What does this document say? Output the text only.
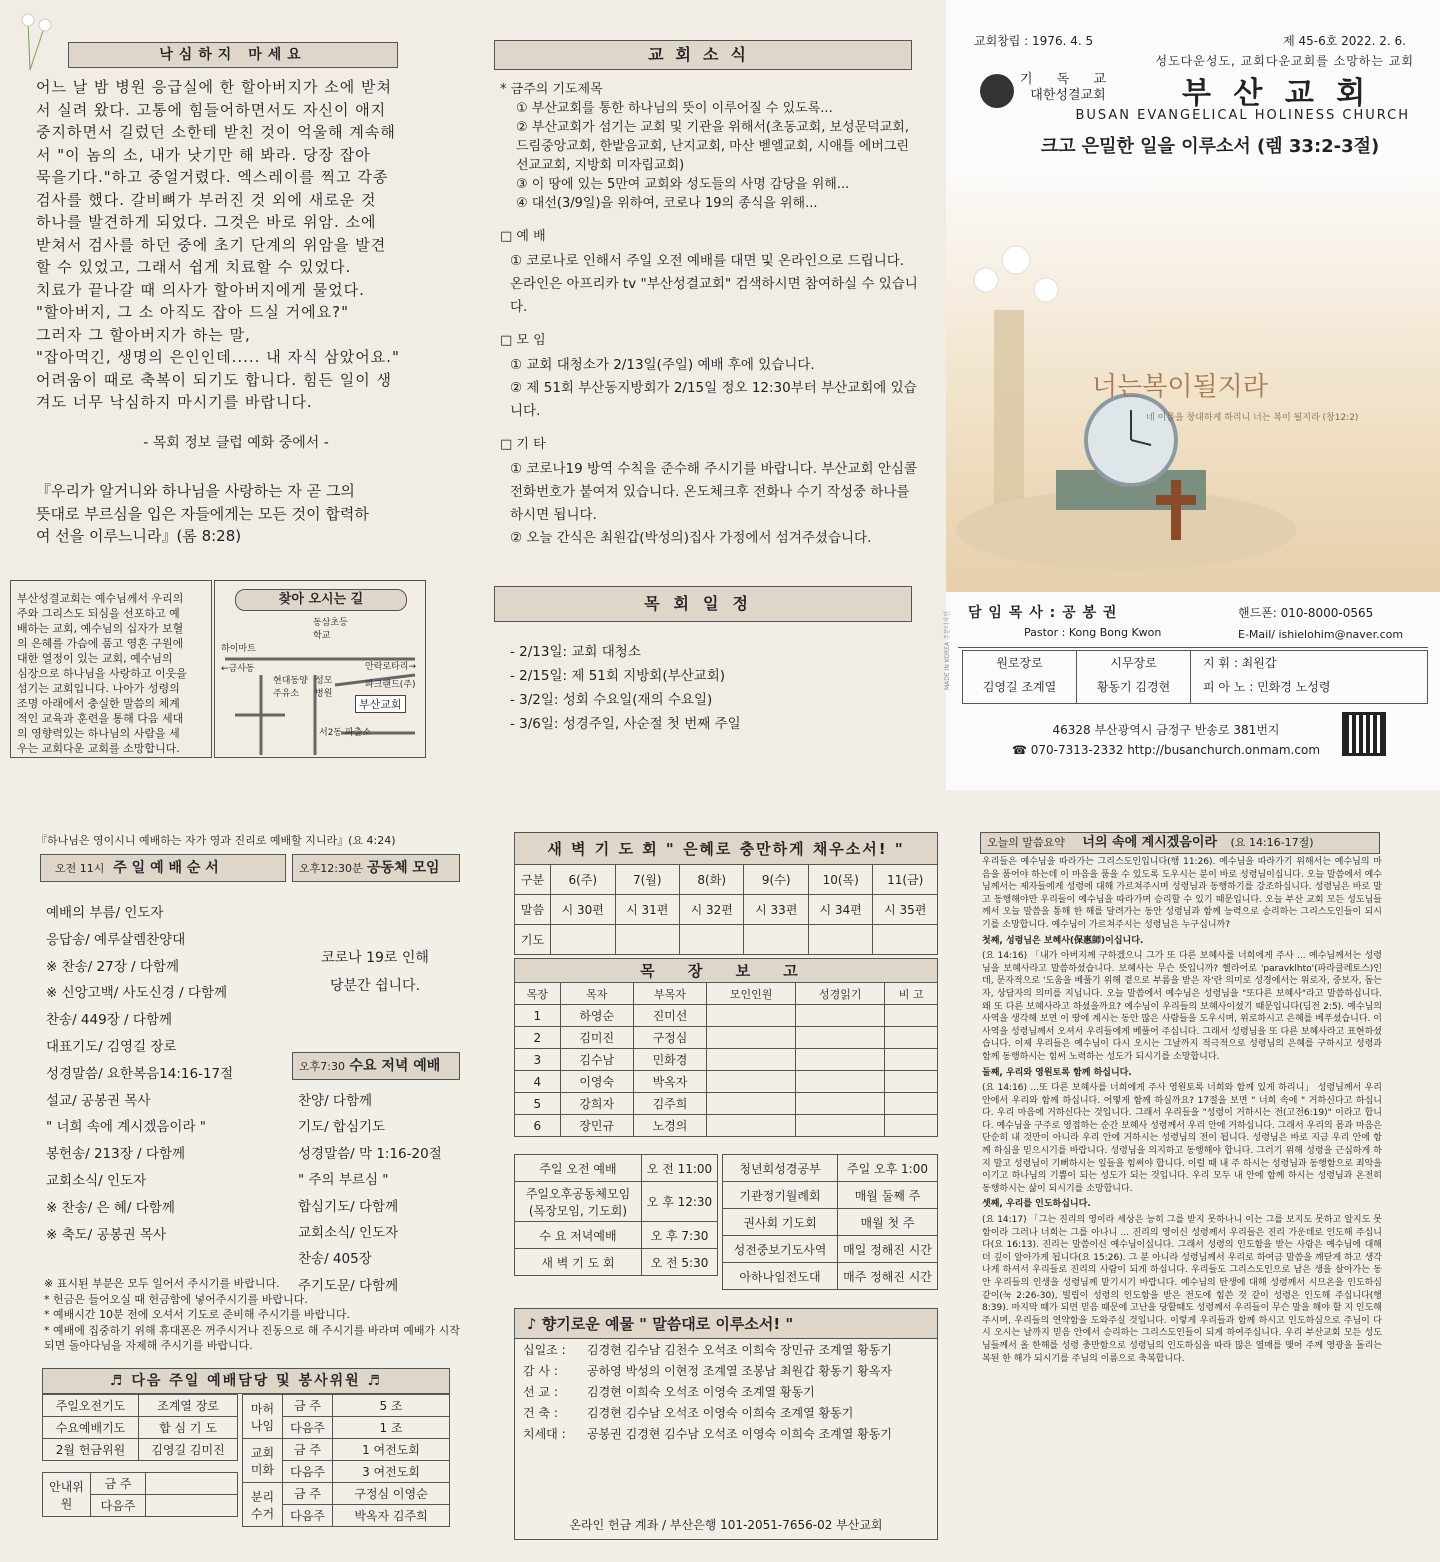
낙심하지 마세요
어느 날 밤 병원 응급실에 한 할아버지가 소에 받쳐
서 실려 왔다. 고통에 힘들어하면서도 자신이 애지
중지하면서 길렀던 소한테 받친 것이 억울해 계속해
서 "이 놈의 소, 내가 낫기만 해 봐라. 당장 잡아
묵을기다."하고 중얼거렸다. 엑스레이를 찍고 각종
검사를 했다. 갈비뼈가 부러진 것 외에 새로운 것
하나를 발견하게 되었다. 그것은 바로 위암. 소에
받쳐서 검사를 하던 중에 초기 단계의 위암을 발견
할 수 있었고, 그래서 쉽게 치료할 수 있었다.
치료가 끝나갈 때 의사가 할아버지에게 물었다.
"할아버지, 그 소 아직도 잡아 드실 거에요?"
그러자 그 할아버지가 하는 말,
"잡아먹긴, 생명의 은인인데..... 내 자식 삼았어요."
어려움이 때로 축복이 되기도 합니다. 힘든 일이 생
겨도 너무 낙심하지 마시기를 바랍니다.
- 목회 정보 클럽 예화 중에서 -
『우리가 알거니와 하나님을 사랑하는 자 곧 그의
뜻대로 부르심을 입은 자들에게는 모든 것이 합력하
여 선을 이루느니라』(롬 8:28)
부산성결교회는 예수님께서 우리의
주와 그리스도 되심을 선포하고 예
배하는 교회, 예수님의 십자가 보혈
의 은혜를 가슴에 품고 영혼 구원에
대한 열정이 있는 교회, 예수님의
심장으로 하나님을 사랑하고 이웃을
섬기는 교회입니다. 나아가 성령의
조명 아래에서 충실한 말씀의 체계
적인 교육과 훈련을 통해 다음 세대
의 영향력있는 하나님의 사람을 세
우는 교회다운 교회를 소망합니다.
찾아 오시는 길
하이마트
동삼초등학교
←금사동	안락로타리→
현대동양주유소
성모병원
파크랜드(주)
부산교회
서2동 파출소
교회소식
* 금주의 기도제목
① 부산교회를 통한 하나님의 뜻이 이루어질 수 있도록...
② 부산교회가 섬기는 교회 및 기관을 위해서(초동교회, 보성문덕교회, 드림중앙교회, 한밭음교회, 난지교회, 마산 벧엘교회, 시애틀 에버그린선교교회, 지방회 미자립교회)
③ 이 땅에 있는 5만여 교회와 성도들의 사명 감당을 위해...
④ 대선(3/9일)을 위하여, 코로나 19의 종식을 위해...
□ 예 배
① 코로나로 인해서 주일 오전 예배를 대면 및 온라인으로 드립니다. 온라인은 아프리카 tv "부산성결교회" 검색하시면 참여하실 수 있습니다.
□ 모 임
① 교회 대청소가 2/13일(주일) 예배 후에 있습니다.
② 제 51회 부산동지방회가 2/15일 정오 12:30부터 부산교회에 있습니다.
□ 기 타
① 코로나19 방역 수칙을 준수해 주시기를 바랍니다. 부산교회 안심콜 전화번호가 붙여져 있습니다. 온도체크후 전화나 수기 작성중 하나를 하시면 됩니다.
② 오늘 간식은 최원갑(박성의)집사 가정에서 섬겨주셨습니다.
목회일정
- 2/13일: 교회 대청소
- 2/15일: 제 51회 지방회(부산교회)
- 3/2일: 성회 수요일(재의 수요일)
- 3/6일: 성경주일, 사순절 첫 번째 주일
교회창립 : 1976. 4. 5	제 45-6호 2022. 2. 6.
성도다운성도, 교회다운교회를 소망하는 교회
기 독 교
대한성결교회	부 산 교 회
BUSAN EVANGELICAL HOLINESS CHURCH
크고 은밀한 일을 이루소서 (렘 33:2-3절)
너는복이될지라
네 이름을 창대하게 하리니 너는 복이 될지라 (창12:2)
담 임 목 사 : 공 봉 권	핸드폰: 010-8000-0565
Pastor : Kong Bong Kwon	E-Mail/ ishielohim@naver.com
원로장로
김영길 조계열
시무장로
황동기 김경현
지 휘 : 최원갑
피 아 노 : 민화경 노성령
46328 부산광역시 금정구 반송로 381번지
☎ 070-7313-2332 http://busanchurch.onmam.com
MADE IN KOREA 주문디자인
『하나님은 영이시니 예배하는 자가 영과 진리로 예배할 지니라』(요 4:24)
오전 11시 주 일 예 배 순 서
예배의 부름/ 인도자
응답송/ 예루살렘찬양대
※ 찬송/ 27장 / 다함께
※ 신앙고백/ 사도신경 / 다함께
찬송/ 449장 / 다함께
대표기도/ 김영길 장로
성경말씀/ 요한복음14:16-17절
설교/ 공봉권 목사
" 너희 속에 계시겠음이라 "
봉헌송/ 213장 / 다함께
교회소식/ 인도자
※ 찬송/ 은 혜/ 다함께
※ 축도/ 공봉권 목사
오후12:30분 공동체 모임
코로나 19로 인해
당분간 쉽니다.
오후7:30 수요 저녁 예배
찬양/ 다함께
기도/ 합심기도
성경말씀/ 막 1:16-20절
" 주의 부르심 "
합심기도/ 다함께
교회소식/ 인도자
찬송/ 405장
주기도문/ 다함께
※ 표시된 부분은 모두 일어서 주시기를 바랍니다.
* 헌금은 들어오실 때 헌금함에 넣어주시기를 바랍니다.
* 예배시간 10분 전에 오셔서 기도로 준비해 주시기를 바랍니다.
* 예배에 집중하기 위해 휴대폰은 꺼주시거나 진동으로 해 주시기를 바라며 예배가 시작되면 돌아다님을 자제해 주시기를 바랍니다.
♬ 다음 주일 예배담당 및 봉사위원 ♬
주일오전기도	조계열 장로
수요예배기도	합 심 기 도
2월 헌금위원	김영길 김미진
안내위원	금 주	
	다음주	
마허나임	금 주	5 조
	다음주	1 조
교회미화	금 주	1 여전도회
	다음주	3 여전도회
분리수거	금 주	구정심 이영순
	다음주	박옥자 김주희
새 벽 기 도 회 " 은혜로 충만하게 채우소서! "						
구분	6(주)	7(월)	8(화)	9(수)	10(목)	11(금)
말씀	시 30편	시 31편	시 32편	시 33편	시 34편	시 35편
기도						
목 장 보 고					
목장	목자	부목자	모인인원	성경읽기	비 고
1	하영순	진미선			
2	김미진	구정심			
3	김수남	민화경			
4	이영숙	박옥자			
5	강희자	김주희			
6	장민규	노경의			
주일 오전 예배	오 전 11:00
주일오후공동체모임 (목장모임, 기도회)	오 후 12:30
수 요 저녁예배	오 후 7:30
새 벽 기 도 회	오 전 5:30
청년회성경공부	주일 오후 1:00
기관정기월례회	매월 둘째 주
권사회 기도회	매월 첫 주
성전중보기도사역	매일 정해진 시간
아하나임전도대	매주 정해진 시간
♪ 향기로운 예물 " 말씀대로 이루소서! "
십일조 :	김경현 김수남 김천수 오석조 이희숙 장민규 조계열 황동기
감 사 :	공하영 박성의 이현정 조계열 조봉남 최원갑 황동기 황옥자
선 교 :	김경현 이희숙 오석조 이영숙 조계열 황동기
건 축 :	김경현 김수남 오석조 이영숙 이희숙 조계열 황동기
치세대 :	공봉권 김경현 김수남 오석조 이영숙 이희숙 조계열 황동기
온라인 헌금 계좌 / 부산은행 101-2051-7656-02 부산교회
오늘의 말씀요약 너의 속에 계시겠음이라 (요 14:16-17절)
우리들은 예수님을 따라가는 그리스도인입니다(행 11:26). 예수님을 따라가기 위해서는 예수님의 마음을 품어야 하는데 이 마음을 품을 수 있도록 도우시는 분이 바로 성령님이십니다. 오늘 말씀에서 예수님께서는 제자들에게 성령에 대해 가르쳐주시며 성령님과 동행하기를 강조하십니다. 성령님은 바로 말고 동행해야만 우리들이 예수님을 따라가며 승리할 수 있기 때문입니다. 오늘 부산 교회 모든 성도님들께서 오늘 말씀을 통해 한 해를 달려가는 동안 성령님과 함께 능력으로 승리하는 그리스도인들이 되시기를 소망합니다. 예수님이 가르쳐주시는 성령님은 누구십니까?
첫째, 성령님은 보혜사(保惠師)이십니다.
(요 14:16) 「내가 아버지께 구하겠으니 그가 또 다른 보혜사를 너희에게 주사 ... 예수님께서는 성령님을 보혜사라고 말씀하셨습니다. 보혜사는 무슨 뜻입니까? 헬라어로 'paravklhto'(파라클레토스)인데, 문자적으로 '도움을 베풀기 위해 곁으로 부름을 받은 자'란 의미로 성경에서는 위로자, 중보자, 돕는 자, 상담자의 의미를 지닙니다. 오늘 말씀에서 예수님은 성령님을 "또다른 보혜사"라고 말씀하십니다. 왜 또 다른 보혜사라고 하셨을까요? 예수님이 우리들의 보혜사이셨기 때문입니다(딤전 2:5). 예수님의 사역을 생각해 보면 이 땅에 계시는 동안 많은 사람들을 도우시며, 위로하시고 은혜를 베푸셨습니다. 이 사역을 성령님께서 오셔서 우리들에게 베풀어 주십니다. 그래서 성령님을 또 다른 보혜사라고 표현하셨습니다. 이제 우리들은 예수님이 다시 오시는 그날까지 적극적으로 성령님의 은혜를 구하시고 성령과 함께 동행하시는 힘써 노력하는 성도가 되시기를 소망합니다.
둘째, 우리와 영원토록 함께 하십니다.
(요 14:16) ...또 다른 보혜사를 너희에게 주사 영원토록 너희와 함께 있게 하리니」 성령님께서 우리 안에서 우리와 함께 하십니다. 어떻게 함께 하실까요? 17절을 보면 " 너희 속에 " 거하신다고 하십니다. 우리 마음에 거하신다는 것입니다. 그래서 우리들을 "성령이 거하시는 전(고전6:19)" 이라고 합니다. 예수님을 구주로 영접하는 순간 보혜사 성령께서 우리 안에 거하십니다. 그래서 우리의 몸과 마음은 단순히 내 것만이 아니라 우리 안에 거하시는 성령님의 전이 됩니다. 성령님은 바로 지금 우리 안에 함께 하심을 믿으시기를 바랍니다. 성령님을 의지하고 동행해야 합니다. 그러기 위해 성령을 근심하게 하지 말고 성령님이 기뻐하시는 일들을 힘써야 합니다. 이럴 때 내 주 하시는 성령님과 동행함으로 죄악을 이기고 하나님의 기쁨이 되는 성도가 되는 것입니다. 우리 모두 내 안에 함께 하시는 성령님과 온전히 동행하시는 삶이 되시기를 소망합니다.
셋째, 우리를 인도하십니다.
(요 14:17) 「그는 진리의 영이라 세상은 능히 그를 받지 못하나니 이는 그를 보지도 못하고 알지도 못함이라 그러나 너희는 그를 아나니 ... 진리의 영이신 성령께서 우리들은 진리 가운데로 인도해 주십니다(요 16:13). 진리는 말씀이신 예수님이십니다. 그래서 성령의 인도함을 받는 사람은 예수님에 대해 더 깊이 알아가게 됩니다(요 15:26). 그 분 아니라 성령님께서 우리로 하여금 말씀을 깨닫게 하고 생각나게 하셔서 우리들로 진리의 사람이 되게 하십니다. 우리들도 그리스도인으로 남은 생을 살아가는 동안 우리들의 인생을 성령님께 맡기시기 바랍니다. 예수님의 탄생에 대해 성령께서 시므온을 인도하심 같이(눅 2:26-30), 빌립이 성령의 인도함을 받은 전도에 힘쓴 것 같이 성령은 인도해 주십니다(행 8:39). 마지막 때가 되면 믿음 때문에 고난을 당할때도 성령께서 우리들이 무슨 말을 해야 할 지 인도해 주시며, 우리들의 연약함을 도와주실 것입니다. 이렇게 우리들과 함께 하시고 인도하심으로 주님이 다시 오시는 날까지 믿음 안에서 승리하는 그리스도인들이 되게 하여주십니다. 우리 부산교회 모든 성도님들께서 올 한해를 성령 충만함으로 성령님의 인도하심을 따라 많은 열매를 맺어 주께 영광을 돌리는 복된 한 해가 되시기를 주님의 이름으로 축복합니다.
